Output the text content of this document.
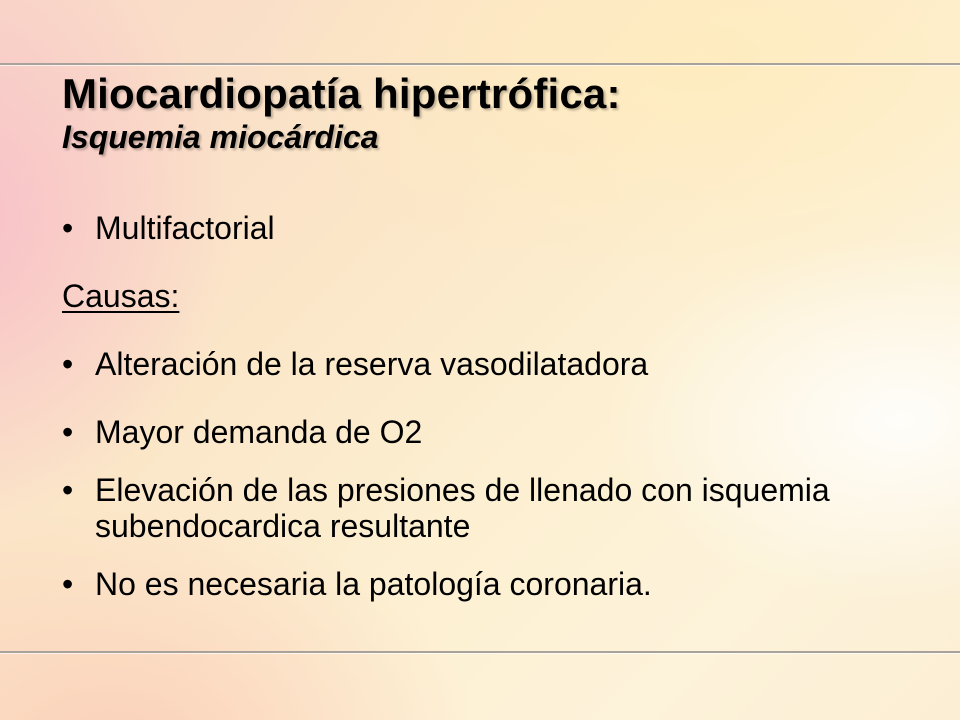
Miocardiopatía hipertrófica:

Isquemia miocárdica

• Multifactorial
Causas:
• Alteración de la reserva vasodilatadora
• Mayor demanda de O2
• Elevación de las presiones de llenado con isquemia subendocardica resultante
• No es necesaria la patología coronaria.
